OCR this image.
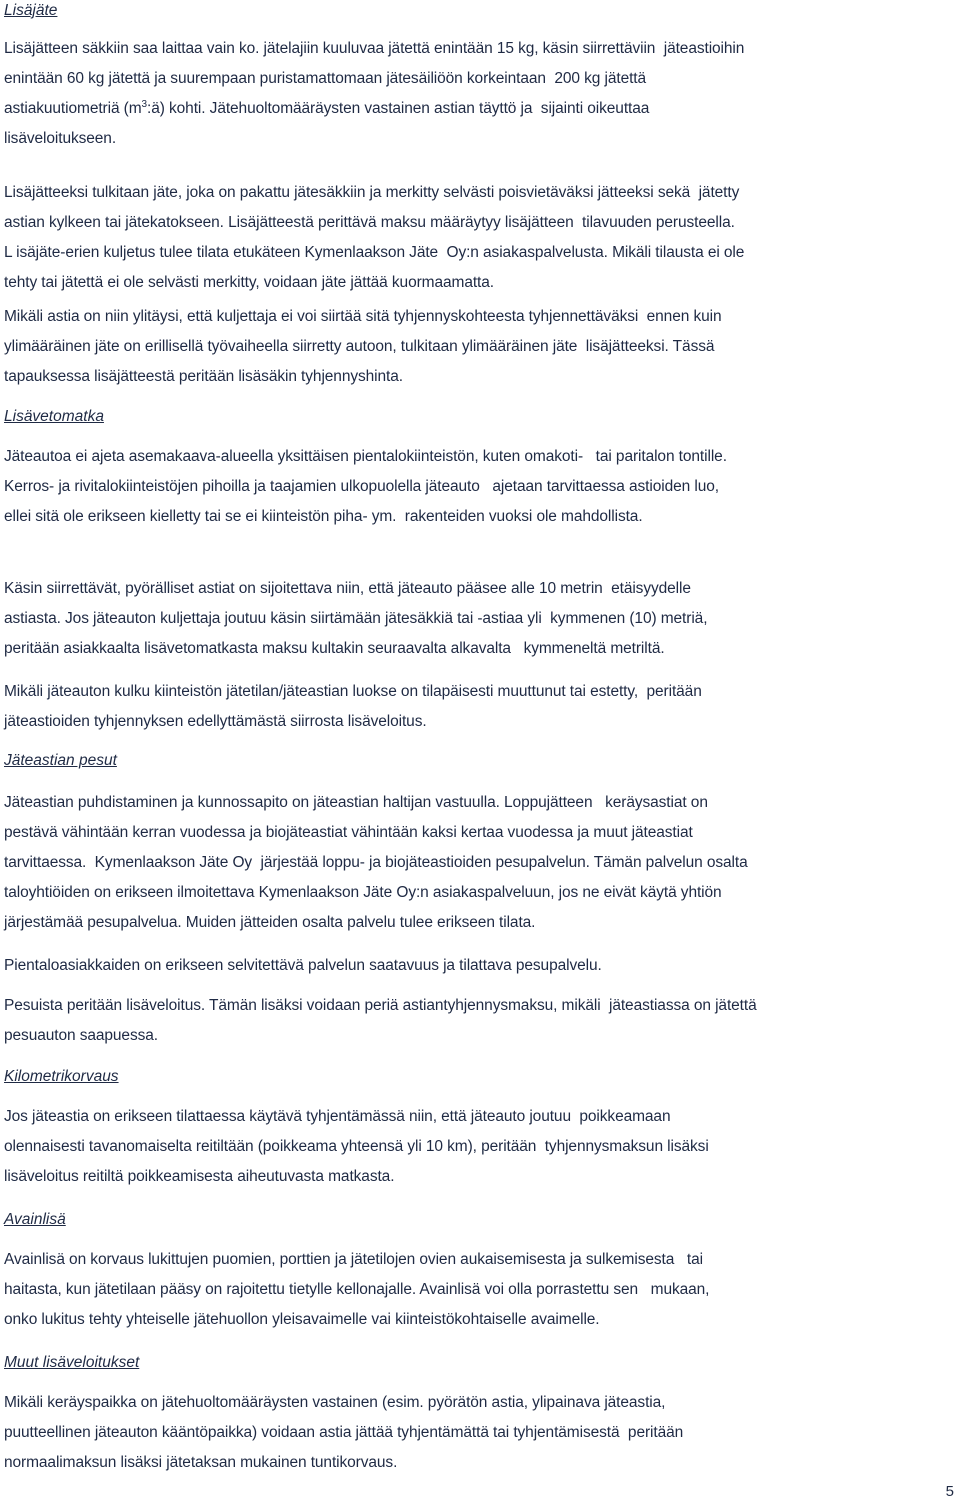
Lisäjäte
Lisäjätteen säkkiin saa laittaa vain ko. jätelajiin kuuluvaa jätettä enintään 15 kg, käsin siirrettäviin  jäteastioihin
enintään 60 kg jätettä ja suurempaan puristamattomaan jätesäiliöön korkeintaan  200 kg jätettä
astiakuutiometriä $(m^3:ä)$ kohti. Jätehuoltomääräysten vastainen astian täyttö ja  sijainti oikeuttaa
lisäveloitukseen.
Lisäjätteeksi tulkitaan jäte, joka on pakattu jätesäkkiin ja merkitty selvästi poisvietäväksi jätteeksi sekä  jätetty
astian kylkeen tai jätekatokseen. Lisäjätteestä perittävä maksu määräytyy lisäjätteen  tilavuuden perusteella.
L isäjäte-erien kuljetus tulee tilata etukäteen Kymenlaakson Jäte  Oy:n asiakaspalvelusta. Mikäli tilausta ei ole
tehty tai jätettä ei ole selvästi merkitty, voidaan jäte jättää kuormaamatta.
Mikäli astia on niin ylitäysi, että kuljettaja ei voi siirtää sitä tyhjennyskohteesta tyhjennettäväksi  ennen kuin
ylimääräinen jäte on erillisellä työvaiheella siirretty autoon, tulkitaan ylimääräinen jäte  lisäjätteeksi. Tässä
tapauksessa lisäjätteestä peritään lisäsäkin tyhjennyshinta.
Lisävetomatka
Jäteautoa ei ajeta asemakaava-alueella yksittäisen pientalokiinteistön, kuten omakoti-   tai paritalon tontille.
Kerros- ja rivitalokiinteistöjen pihoilla ja taajamien ulkopuolella jäteauto   ajetaan tarvittaessa astioiden luo,
ellei sitä ole erikseen kielletty tai se ei kiinteistön piha- ym.  rakenteiden vuoksi ole mahdollista.
Käsin siirrettävät, pyörälliset astiat on sijoitettava niin, että jäteauto pääsee alle 10 metrin  etäisyydelle
astiasta. Jos jäteauton kuljettaja joutuu käsin siirtämään jätesäkkiä tai -astiaa yli  kymmenen (10) metriä,
peritään asiakkaalta lisävetomatkasta maksu kultakin seuraavalta alkavalta   kymmeneltä metriltä.
Mikäli jäteauton kulku kiinteistön jätetilan/jäteastian luokse on tilapäisesti muuttunut tai estetty,  peritään
jäteastioiden tyhjennyksen edellyttämästä siirrosta lisäveloitus.
Jäteastian pesut
Jäteastian puhdistaminen ja kunnossapito on jäteastian haltijan vastuulla. Loppujätteen   keräysastiat on
pestävä vähintään kerran vuodessa ja biojäteastiat vähintään kaksi kertaa vuodessa ja muut jäteastiat
tarvittaessa.  Kymenlaakson Jäte Oy  järjestää loppu- ja biojäteastioiden pesupalvelun. Tämän palvelun osalta
taloyhtiöiden on erikseen ilmoitettava Kymenlaakson Jäte Oy:n asiakaspalveluun, jos ne eivät käytä yhtiön
järjestämää pesupalvelua. Muiden jätteiden osalta palvelu tulee erikseen tilata.
Pientaloasiakkaiden on erikseen selvitettävä palvelun saatavuus ja tilattava pesupalvelu.
Pesuista peritään lisäveloitus. Tämän lisäksi voidaan periä astiantyhjennysmaksu, mikäli  jäteastiassa on jätettä
pesuauton saapuessa.
Kilometrikorvaus
Jos jäteastia on erikseen tilattaessa käytävä tyhjentämässä niin, että jäteauto joutuu  poikkeamaan
olennaisesti tavanomaiselta reitiltään (poikkeama yhteensä yli 10 km), peritään  tyhjennysmaksun lisäksi
lisäveloitus reitiltä poikkeamisesta aiheutuvasta matkasta.
Avainlisä
Avainlisä on korvaus lukittujen puomien, porttien ja jätetilojen ovien aukaisemisesta ja sulkemisesta   tai
haitasta, kun jätetilaan pääsy on rajoitettu tietylle kellonajalle. Avainlisä voi olla porrastettu sen   mukaan,
onko lukitus tehty yhteiselle jätehuollon yleisavaimelle vai kiinteistökohtaiselle avaimelle.
Muut lisäveloitukset
Mikäli keräyspaikka on jätehuoltomääräysten vastainen (esim. pyörätön astia, ylipainava jäteastia,
puutteellinen jäteauton kääntöpaikka) voidaan astia jättää tyhjentämättä tai tyhjentämisestä  peritään
normaalimaksun lisäksi jätetaksan mukainen tuntikorvaus.
5
